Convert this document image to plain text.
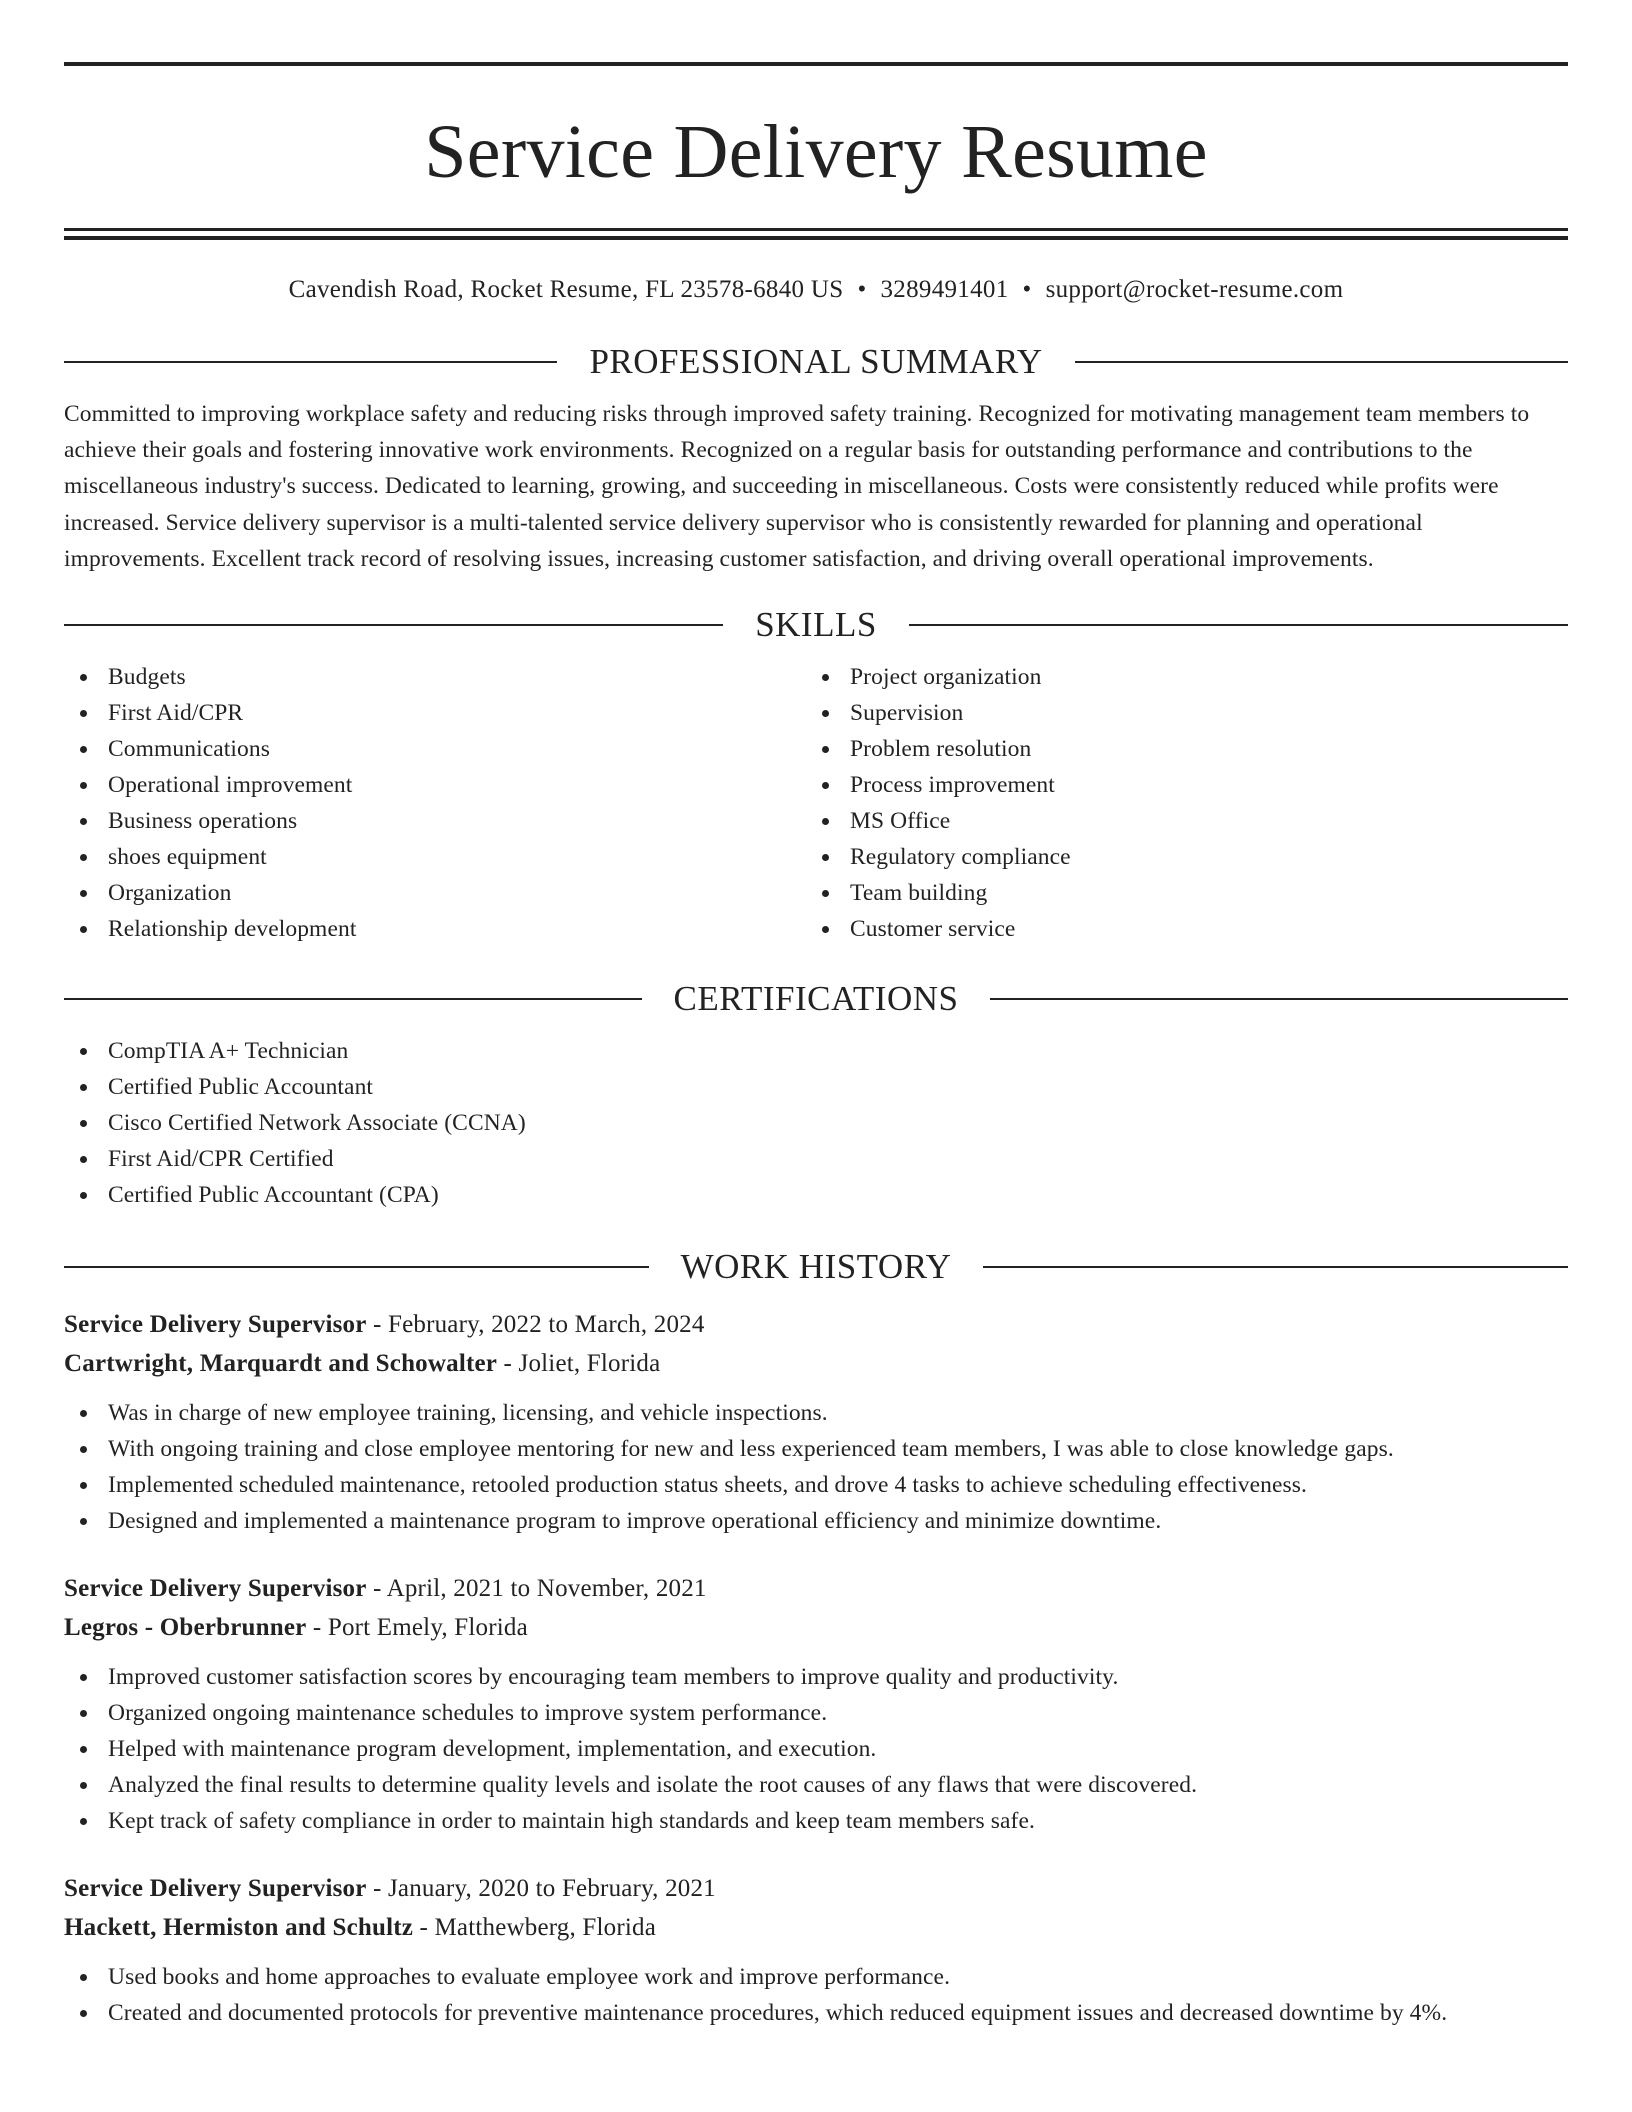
Service Delivery Resume
Cavendish Road, Rocket Resume, FL 23578-6840 US • 3289491401 • support@rocket-resume.com
PROFESSIONAL SUMMARY
Committed to improving workplace safety and reducing risks through improved safety training. Recognized for motivating management team members to achieve their goals and fostering innovative work environments. Recognized on a regular basis for outstanding performance and contributions to the miscellaneous industry's success. Dedicated to learning, growing, and succeeding in miscellaneous. Costs were consistently reduced while profits were increased. Service delivery supervisor is a multi-talented service delivery supervisor who is consistently rewarded for planning and operational improvements. Excellent track record of resolving issues, increasing customer satisfaction, and driving overall operational improvements.
SKILLS
Budgets
First Aid/CPR
Communications
Operational improvement
Business operations
shoes equipment
Organization
Relationship development
Project organization
Supervision
Problem resolution
Process improvement
MS Office
Regulatory compliance
Team building
Customer service
CERTIFICATIONS
CompTIA A+ Technician
Certified Public Accountant
Cisco Certified Network Associate (CCNA)
First Aid/CPR Certified
Certified Public Accountant (CPA)
WORK HISTORY
Service Delivery Supervisor - February, 2022 to March, 2024
Cartwright, Marquardt and Schowalter - Joliet, Florida
Was in charge of new employee training, licensing, and vehicle inspections.
With ongoing training and close employee mentoring for new and less experienced team members, I was able to close knowledge gaps.
Implemented scheduled maintenance, retooled production status sheets, and drove 4 tasks to achieve scheduling effectiveness.
Designed and implemented a maintenance program to improve operational efficiency and minimize downtime.
Service Delivery Supervisor - April, 2021 to November, 2021
Legros - Oberbrunner - Port Emely, Florida
Improved customer satisfaction scores by encouraging team members to improve quality and productivity.
Organized ongoing maintenance schedules to improve system performance.
Helped with maintenance program development, implementation, and execution.
Analyzed the final results to determine quality levels and isolate the root causes of any flaws that were discovered.
Kept track of safety compliance in order to maintain high standards and keep team members safe.
Service Delivery Supervisor - January, 2020 to February, 2021
Hackett, Hermiston and Schultz - Matthewberg, Florida
Used books and home approaches to evaluate employee work and improve performance.
Created and documented protocols for preventive maintenance procedures, which reduced equipment issues and decreased downtime by 4%.
